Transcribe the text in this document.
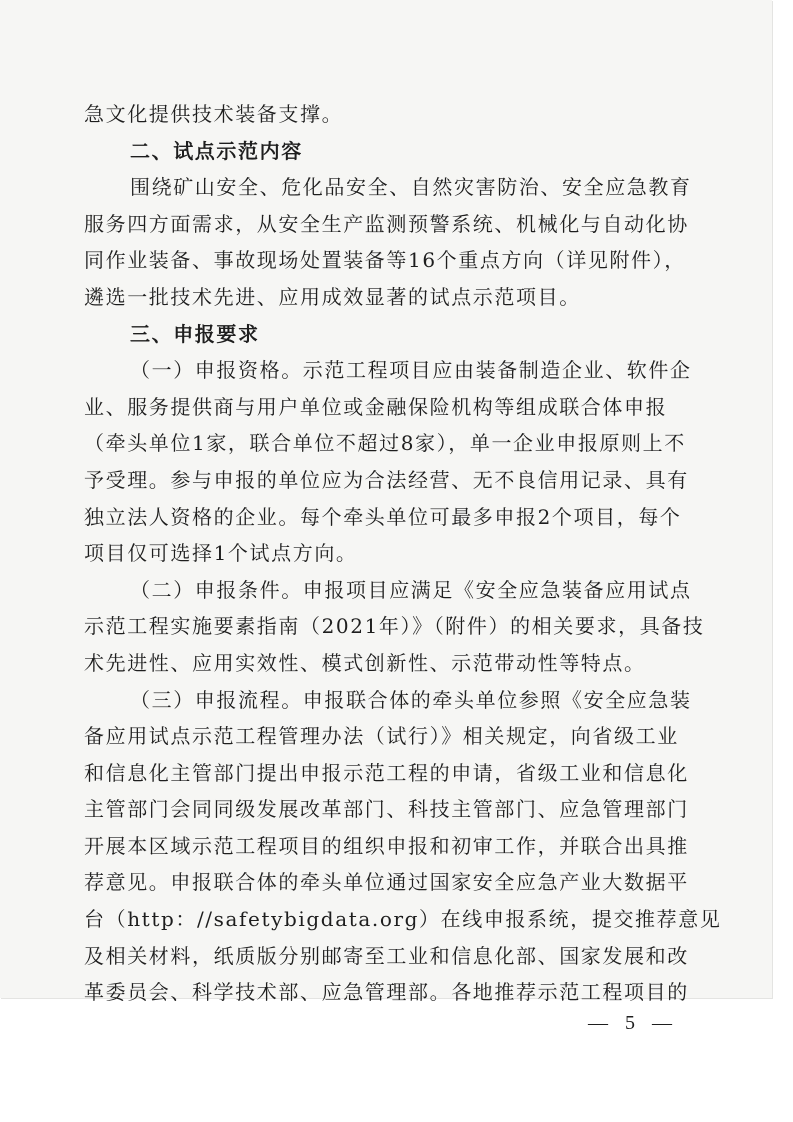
急文化提供技术装备支撑。
二、试点示范内容
围绕矿山安全、危化品安全、自然灾害防治、安全应急教育
服务四方面需求，从安全生产监测预警系统、机械化与自动化协
同作业装备、事故现场处置装备等16个重点方向（详见附件），
遴选一批技术先进、应用成效显著的试点示范项目。
三、申报要求
（一）申报资格。示范工程项目应由装备制造企业、软件企
业、服务提供商与用户单位或金融保险机构等组成联合体申报
（牵头单位1家，联合单位不超过8家），单一企业申报原则上不
予受理。参与申报的单位应为合法经营、无不良信用记录、具有
独立法人资格的企业。每个牵头单位可最多申报2个项目，每个
项目仅可选择1个试点方向。
（二）申报条件。申报项目应满足《安全应急装备应用试点
示范工程实施要素指南（2021年）》（附件）的相关要求，具备技
术先进性、应用实效性、模式创新性、示范带动性等特点。
（三）申报流程。申报联合体的牵头单位参照《安全应急装
备应用试点示范工程管理办法（试行）》相关规定，向省级工业
和信息化主管部门提出申报示范工程的申请，省级工业和信息化
主管部门会同同级发展改革部门、科技主管部门、应急管理部门
开展本区域示范工程项目的组织申报和初审工作，并联合出具推
荐意见。申报联合体的牵头单位通过国家安全应急产业大数据平
台（http：//safetybigdata.org）在线申报系统，提交推荐意见
及相关材料，纸质版分别邮寄至工业和信息化部、国家发展和改
革委员会、科学技术部、应急管理部。各地推荐示范工程项目的
— 5 —
